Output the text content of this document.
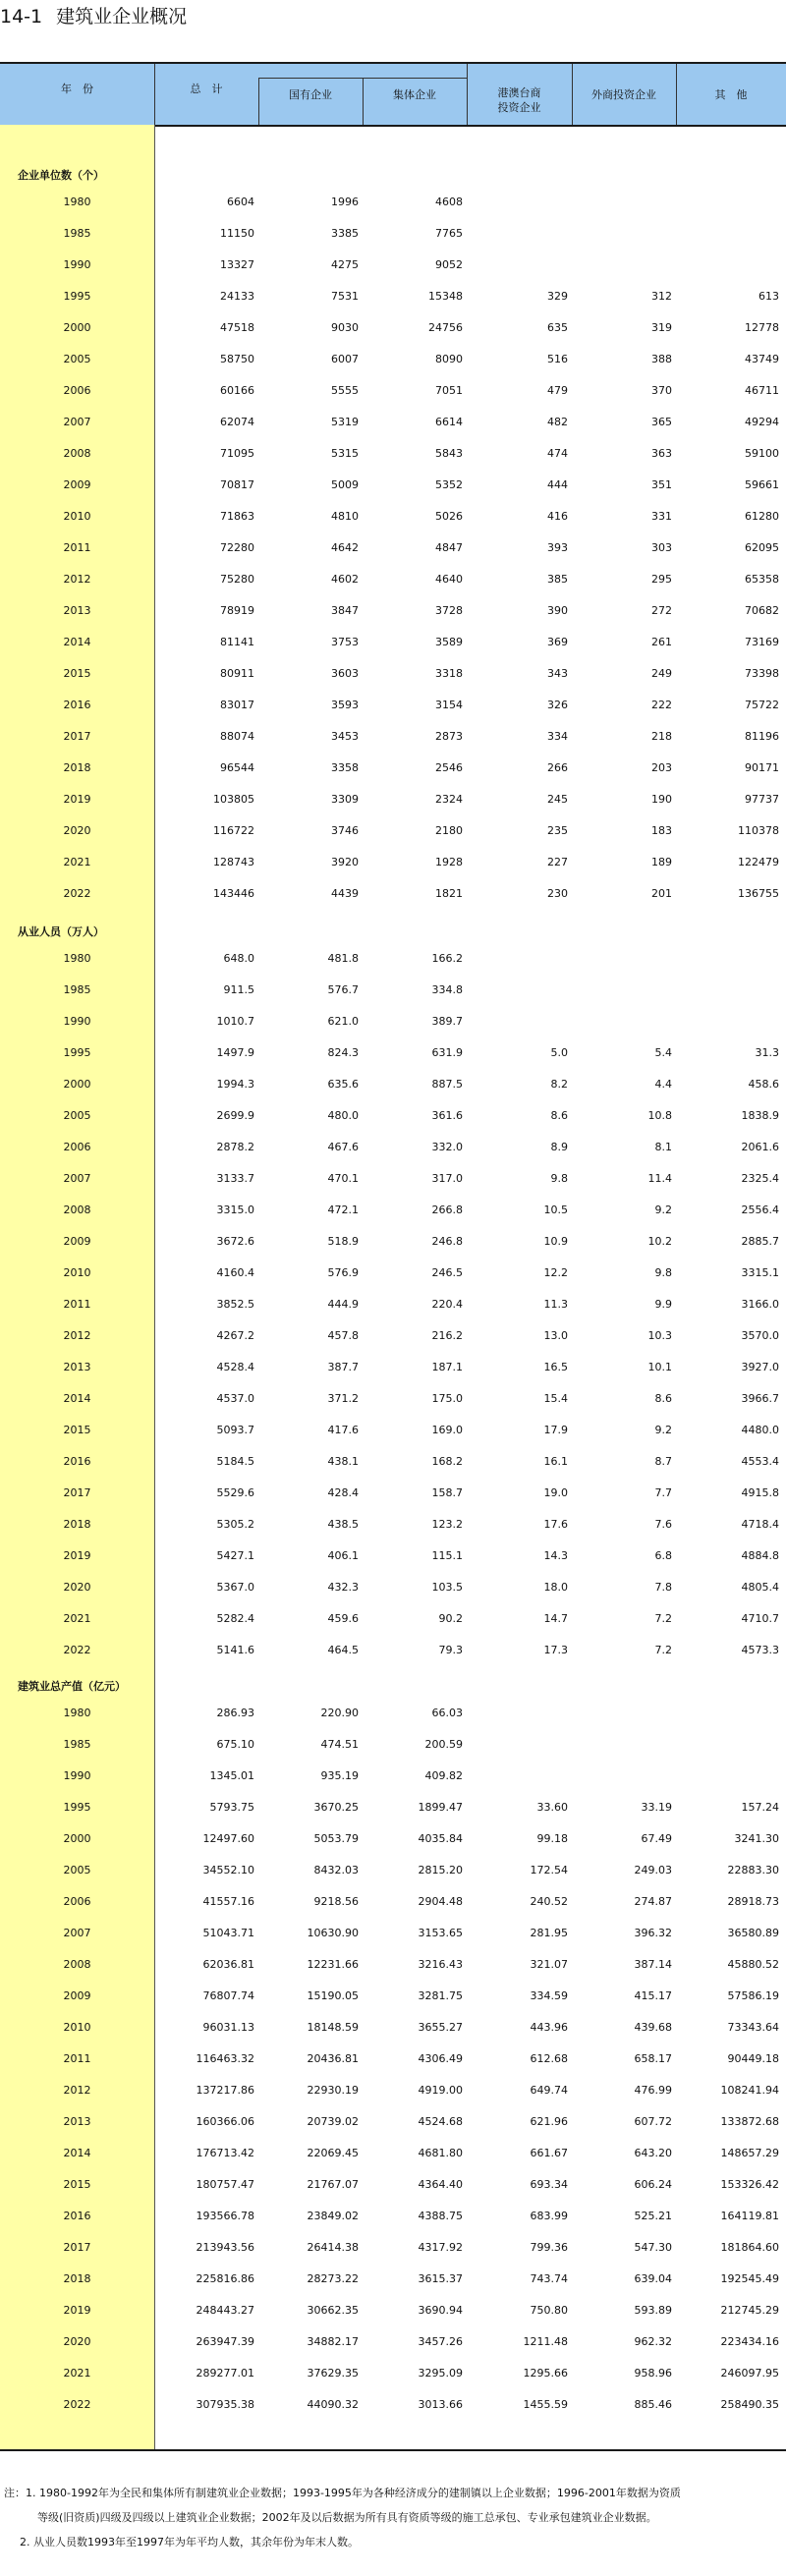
14-1 建筑业企业概况
年　份	总　计	国有企业	集体企业	港澳台商
投资企业
外商投资企业	其　他
企业单位数（个）
1980	6604	1996	4608
1985	11150	3385	7765
1990	13327	4275	9052
1995	24133	7531	15348	329	312	613
2000	47518	9030	24756	635	319	12778
2005	58750	6007	8090	516	388	43749
2006	60166	5555	7051	479	370	46711
2007	62074	5319	6614	482	365	49294
2008	71095	5315	5843	474	363	59100
2009	70817	5009	5352	444	351	59661
2010	71863	4810	5026	416	331	61280
2011	72280	4642	4847	393	303	62095
2012	75280	4602	4640	385	295	65358
2013	78919	3847	3728	390	272	70682
2014	81141	3753	3589	369	261	73169
2015	80911	3603	3318	343	249	73398
2016	83017	3593	3154	326	222	75722
2017	88074	3453	2873	334	218	81196
2018	96544	3358	2546	266	203	90171
2019	103805	3309	2324	245	190	97737
2020	116722	3746	2180	235	183	110378
2021	128743	3920	1928	227	189	122479
2022	143446	4439	1821	230	201	136755
从业人员（万人）
1980	648.0	481.8	166.2
1985	911.5	576.7	334.8
1990	1010.7	621.0	389.7
1995	1497.9	824.3	631.9	5.0	5.4	31.3
2000	1994.3	635.6	887.5	8.2	4.4	458.6
2005	2699.9	480.0	361.6	8.6	10.8	1838.9
2006	2878.2	467.6	332.0	8.9	8.1	2061.6
2007	3133.7	470.1	317.0	9.8	11.4	2325.4
2008	3315.0	472.1	266.8	10.5	9.2	2556.4
2009	3672.6	518.9	246.8	10.9	10.2	2885.7
2010	4160.4	576.9	246.5	12.2	9.8	3315.1
2011	3852.5	444.9	220.4	11.3	9.9	3166.0
2012	4267.2	457.8	216.2	13.0	10.3	3570.0
2013	4528.4	387.7	187.1	16.5	10.1	3927.0
2014	4537.0	371.2	175.0	15.4	8.6	3966.7
2015	5093.7	417.6	169.0	17.9	9.2	4480.0
2016	5184.5	438.1	168.2	16.1	8.7	4553.4
2017	5529.6	428.4	158.7	19.0	7.7	4915.8
2018	5305.2	438.5	123.2	17.6	7.6	4718.4
2019	5427.1	406.1	115.1	14.3	6.8	4884.8
2020	5367.0	432.3	103.5	18.0	7.8	4805.4
2021	5282.4	459.6	90.2	14.7	7.2	4710.7
2022	5141.6	464.5	79.3	17.3	7.2	4573.3
建筑业总产值（亿元）
1980	286.93	220.90	66.03
1985	675.10	474.51	200.59
1990	1345.01	935.19	409.82
1995	5793.75	3670.25	1899.47	33.60	33.19	157.24
2000	12497.60	5053.79	4035.84	99.18	67.49	3241.30
2005	34552.10	8432.03	2815.20	172.54	249.03	22883.30
2006	41557.16	9218.56	2904.48	240.52	274.87	28918.73
2007	51043.71	10630.90	3153.65	281.95	396.32	36580.89
2008	62036.81	12231.66	3216.43	321.07	387.14	45880.52
2009	76807.74	15190.05	3281.75	334.59	415.17	57586.19
2010	96031.13	18148.59	3655.27	443.96	439.68	73343.64
2011	116463.32	20436.81	4306.49	612.68	658.17	90449.18
2012	137217.86	22930.19	4919.00	649.74	476.99	108241.94
2013	160366.06	20739.02	4524.68	621.96	607.72	133872.68
2014	176713.42	22069.45	4681.80	661.67	643.20	148657.29
2015	180757.47	21767.07	4364.40	693.34	606.24	153326.42
2016	193566.78	23849.02	4388.75	683.99	525.21	164119.81
2017	213943.56	26414.38	4317.92	799.36	547.30	181864.60
2018	225816.86	28273.22	3615.37	743.74	639.04	192545.49
2019	248443.27	30662.35	3690.94	750.80	593.89	212745.29
2020	263947.39	34882.17	3457.26	1211.48	962.32	223434.16
2021	289277.01	37629.35	3295.09	1295.66	958.96	246097.95
2022	307935.38	44090.32	3013.66	1455.59	885.46	258490.35
注：1. 1980-1992年为全民和集体所有制建筑业企业数据；1993-1995年为各种经济成分的建制镇以上企业数据；1996-2001年数据为资质
等级(旧资质)四级及四级以上建筑业企业数据；2002年及以后数据为所有具有资质等级的施工总承包、专业承包建筑业企业数据。
2. 从业人员数1993年至1997年为年平均人数，其余年份为年末人数。
